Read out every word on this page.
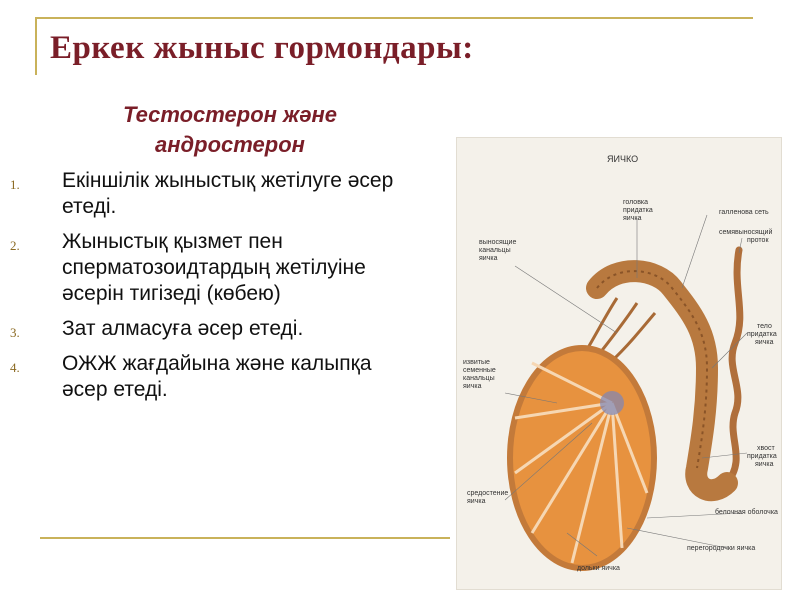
Еркек жыныс гормондары:
Тестостерон және андростерон
1. Екіншілік жыныстық жетілуге әсер етеді.
2. Жыныстық қызмет пен сперматозоидтардың жетілуіне әсерін тигізеді (көбею)
3. Зат алмасуға әсер етеді.
4. ОЖЖ жағдайына және калыпқа әсер етеді.
ЯИЧКО
головка придатка яичка
выносящие канальцы яичка
галленова сеть
семявыносящий проток
тело придатка яичка
извитые семенные канальцы яичка
хвост придатка яичка
средостение яичка
белочная оболочка
перегородочки яичка
дольки яичка
